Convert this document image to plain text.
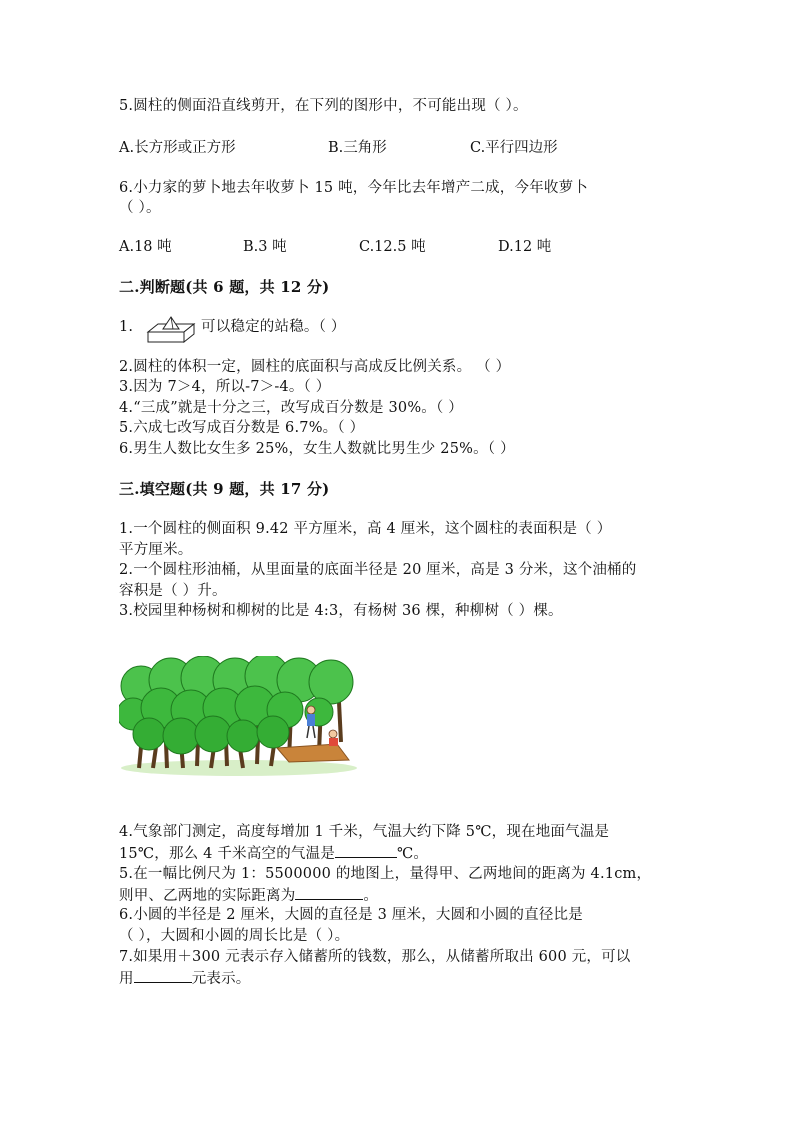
5.圆柱的侧面沿直线剪开，在下列的图形中，不可能出现（ ）。
A.长方形或正方形	B.三角形	C.平行四边形
6.小力家的萝卜地去年收萝卜 15 吨，今年比去年增产二成，今年收萝卜
（ ）。
A.18 吨	B.3 吨	C.12.5 吨	D.12 吨
二.判断题(共 6 题，共 12 分)
1.	可以稳定的站稳。（ ）
2.圆柱的体积一定，圆柱的底面积与高成反比例关系。 （ ）
3.因为 7＞4，所以-7＞-4。（ ）
4.“三成”就是十分之三，改写成百分数是 30%。（ ）
5.六成七改写成百分数是 6.7%。（ ）
6.男生人数比女生多 25%，女生人数就比男生少 25%。（ ）
三.填空题(共 9 题，共 17 分)
1.一个圆柱的侧面积 9.42 平方厘米，高 4 厘米，这个圆柱的表面积是（ ）
平方厘米。
2.一个圆柱形油桶，从里面量的底面半径是 20 厘米，高是 3 分米，这个油桶的
容积是（ ）升。
3.校园里种杨树和柳树的比是 4:3，有杨树 36 棵，种柳树（ ）棵。
4.气象部门测定，高度每增加 1 千米，气温大约下降 5℃，现在地面气温是
15℃，那么 4 千米高空的气温是	℃。
5.在一幅比例尺为 1：5500000 的地图上，量得甲、乙两地间的距离为 4.1cm，
则甲、乙两地的实际距离为	。
6.小圆的半径是 2 厘米，大圆的直径是 3 厘米，大圆和小圆的直径比是
（ ），大圆和小圆的周长比是（ ）。
7.如果用＋300 元表示存入储蓄所的钱数，那么，从储蓄所取出 600 元，可以
用	元表示。
